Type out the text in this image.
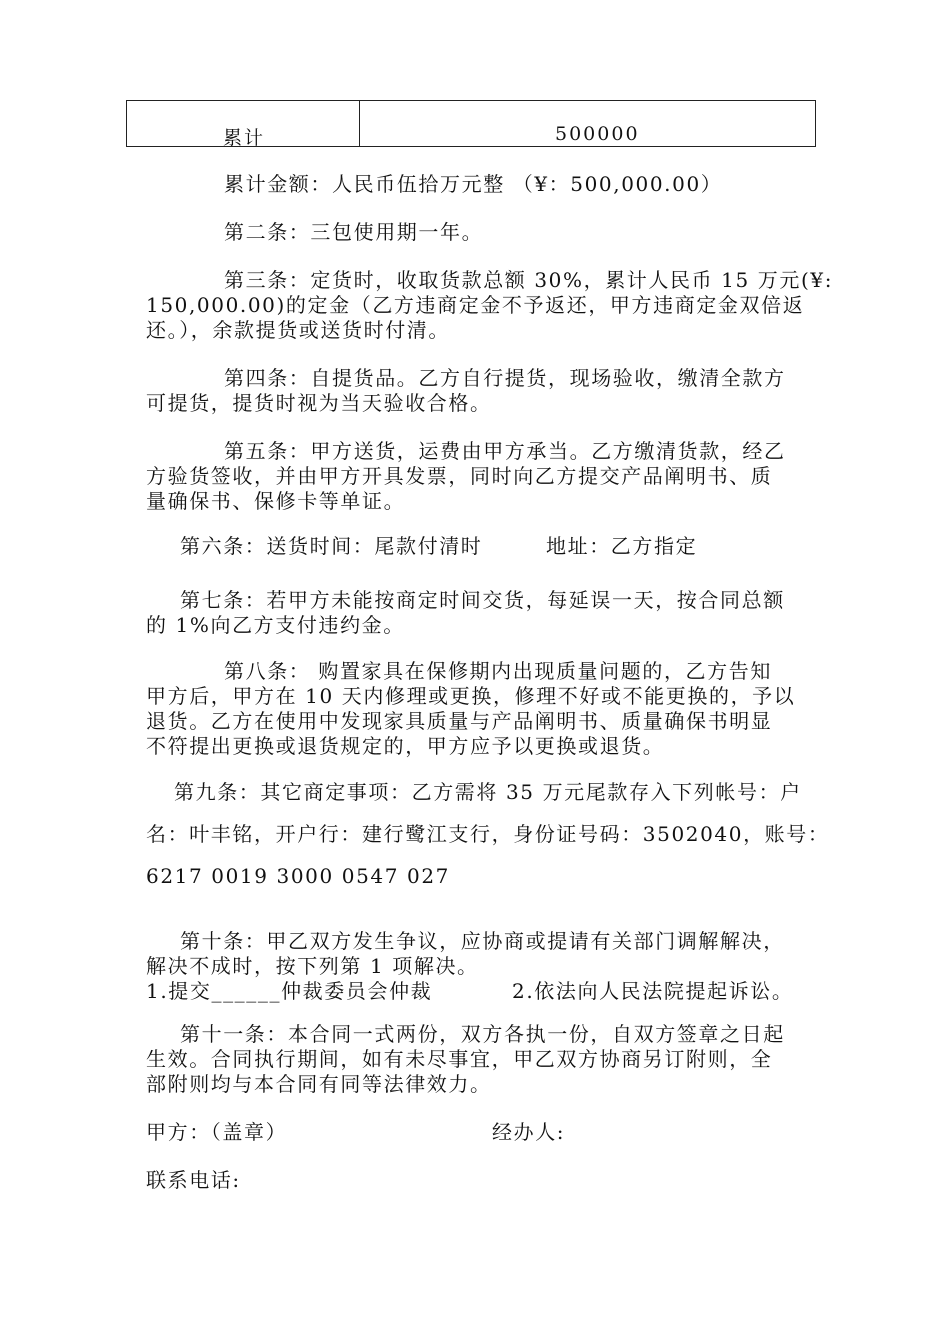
累计	500000
累计金额：人民币伍拾万元整 （¥：500,000.00）
第二条：三包使用期一年。
第三条：定货时，收取货款总额 30%，累计人民币 15 万元(¥:
150,000.00)的定金（乙方违商定金不予返还，甲方违商定金双倍返
还。），余款提货或送货时付清。
第四条：自提货品。乙方自行提货，现场验收，缴清全款方
可提货，提货时视为当天验收合格。
第五条：甲方送货，运费由甲方承当。乙方缴清货款，经乙
方验货签收，并由甲方开具发票，同时向乙方提交产品阐明书、质
量确保书、保修卡等单证。
第六条：送货时间：尾款付清时	地址：乙方指定
第七条：若甲方未能按商定时间交货，每延误一天，按合同总额
的 1%向乙方支付违约金。
第八条： 购置家具在保修期内出现质量问题的，乙方告知
甲方后，甲方在 10 天内修理或更换，修理不好或不能更换的，予以
退货。乙方在使用中发现家具质量与产品阐明书、质量确保书明显
不符提出更换或退货规定的，甲方应予以更换或退货。
第九条：其它商定事项：乙方需将 35 万元尾款存入下列帐号：户
名：叶丰铭，开户行：建行鹭江支行，身份证号码：3502040，账号：
6217 0019 3000 0547 027
第十条：甲乙双方发生争议，应协商或提请有关部门调解解决，
解决不成时，按下列第 1 项解决。
1.提交______仲裁委员会仲裁	2.依法向人民法院提起诉讼。
第十一条：本合同一式两份，双方各执一份，自双方签章之日起
生效。合同执行期间，如有未尽事宜，甲乙双方协商另订附则，全
部附则均与本合同有同等法律效力。
甲方：（盖章）	经办人:
联系电话:
